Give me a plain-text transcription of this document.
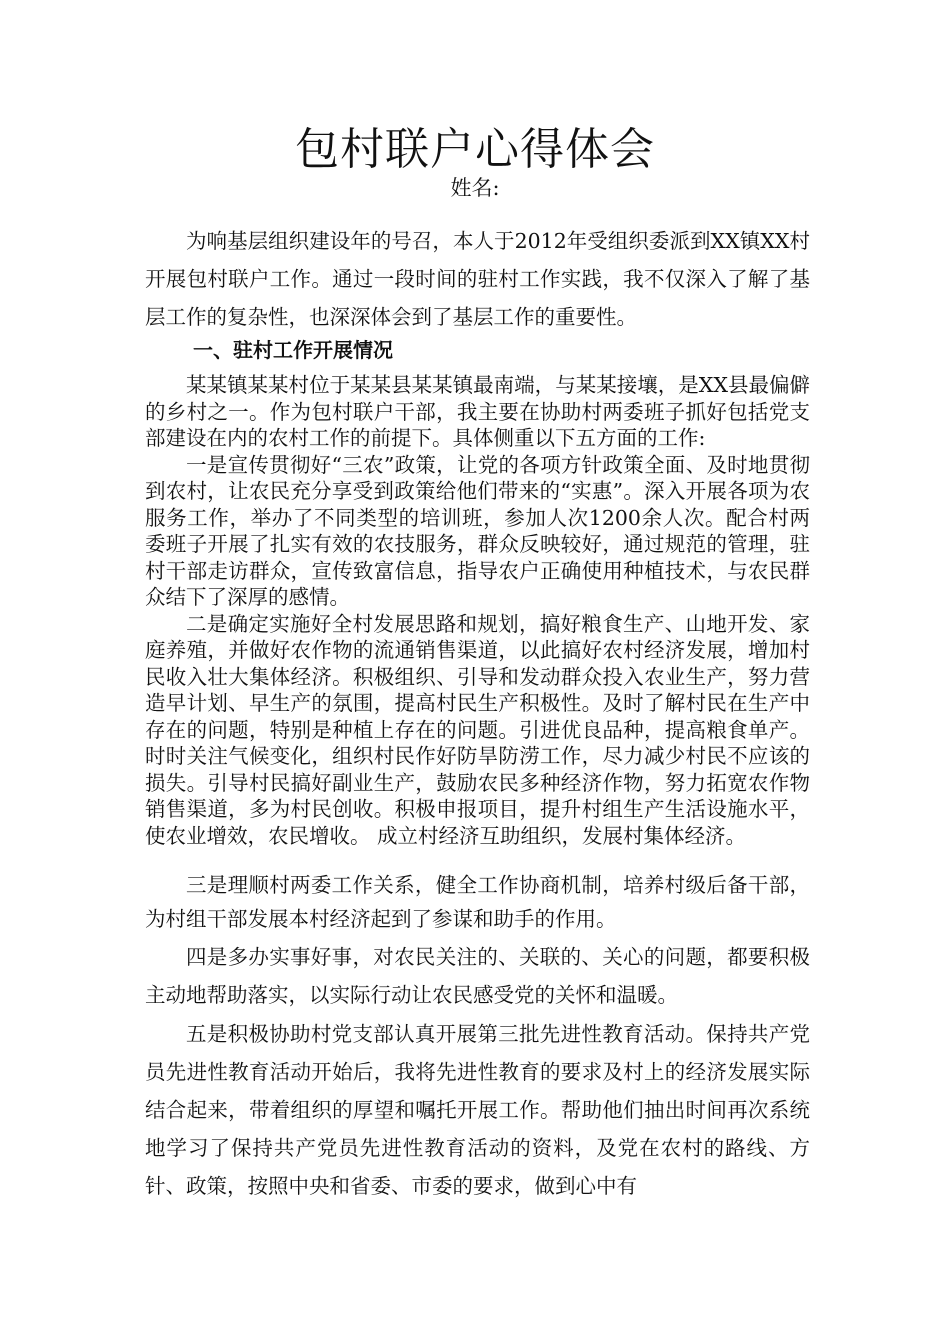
包村联户心得体会
姓名:

为响基层组织建设年的号召，本人于2012年受组织委派到XX镇XX村开展包村联户工作。通过一段时间的驻村工作实践，我不仅深入了解了基层工作的复杂性，也深深体会到了基层工作的重要性。

一、驻村工作开展情况

某某镇某某村位于某某县某某镇最南端，与某某接壤，是XX县最偏僻的乡村之一。作为包村联户干部，我主要在协助村两委班子抓好包括党支部建设在内的农村工作的前提下。具体侧重以下五方面的工作:

一是宣传贯彻好“三农”政策，让党的各项方针政策全面、及时地贯彻到农村，让农民充分享受到政策给他们带来的“实惠”。深入开展各项为农服务工作，举办了不同类型的培训班，参加人次1200余人次。配合村两委班子开展了扎实有效的农技服务，群众反映较好，通过规范的管理，驻村干部走访群众，宣传致富信息，指导农户正确使用种植技术，与农民群众结下了深厚的感情。

二是确定实施好全村发展思路和规划，搞好粮食生产、山地开发、家庭养殖，并做好农作物的流通销售渠道，以此搞好农村经济发展，增加村民收入壮大集体经济。积极组织、引导和发动群众投入农业生产，努力营造早计划、早生产的氛围，提高村民生产积极性。及时了解村民在生产中存在的问题，特别是种植上存在的问题。引进优良品种，提高粮食单产。时时关注气候变化，组织村民作好防旱防涝工作，尽力减少村民不应该的损失。引导村民搞好副业生产，鼓励农民多种经济作物，努力拓宽农作物销售渠道，多为村民创收。积极申报项目，提升村组生产生活设施水平，使农业增效，农民增收。 成立村经济互助组织，发展村集体经济。

三是理顺村两委工作关系，健全工作协商机制，培养村级后备干部，为村组干部发展本村经济起到了参谋和助手的作用。

四是多办实事好事，对农民关注的、关联的、关心的问题，都要积极主动地帮助落实，以实际行动让农民感受党的关怀和温暖。

五是积极协助村党支部认真开展第三批先进性教育活动。保持共产党员先进性教育活动开始后，我将先进性教育的要求及村上的经济发展实际结合起来，带着组织的厚望和嘱托开展工作。帮助他们抽出时间再次系统地学习了保持共产党员先进性教育活动的资料，及党在农村的路线、方针、政策，按照中央和省委、市委的要求，做到心中有
